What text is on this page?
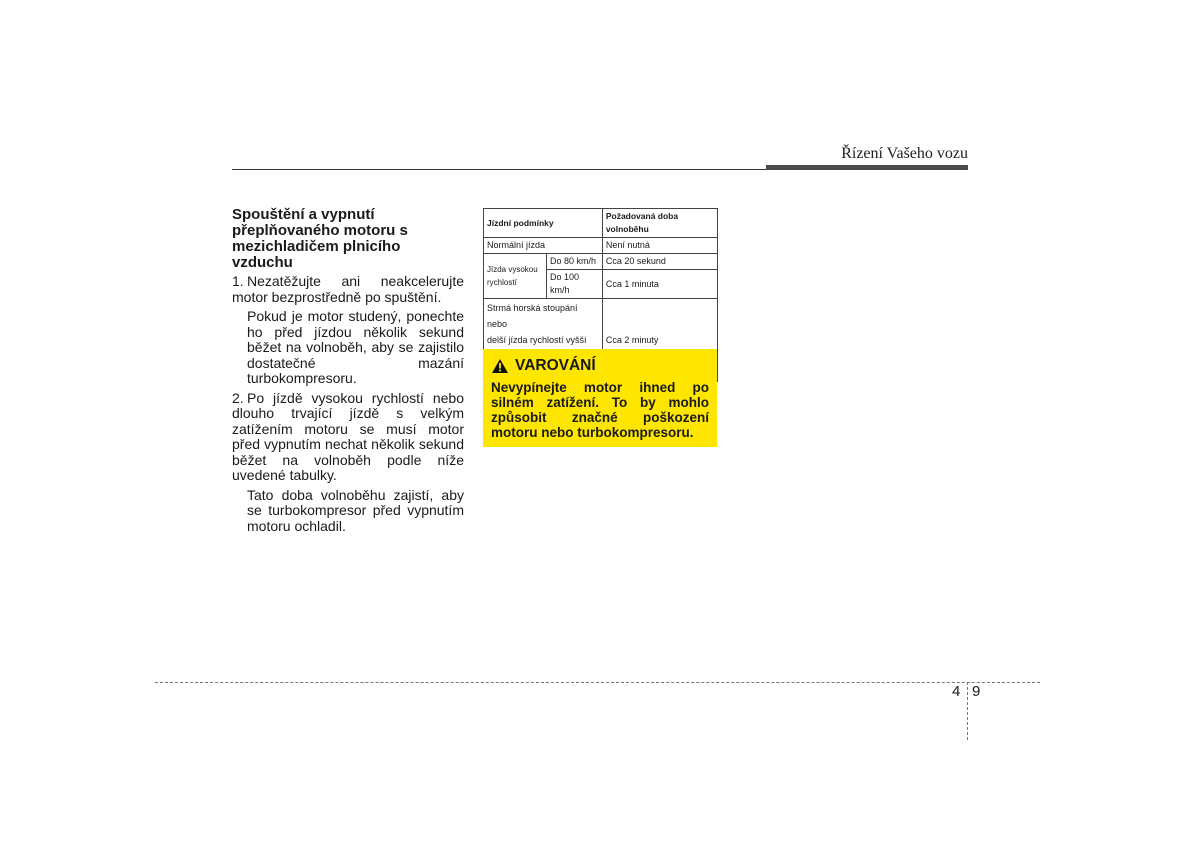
Řízení Vašeho vozu
Spouštění a vypnutí přeplňovaného motoru s mezichladičem plnicího vzduchu
1. Nezatěžujte ani neakcelerujte motor bezprostředně po spuštění.
Pokud je motor studený, ponechte ho před jízdou několik sekund běžet na volnoběh, aby se zajistilo dostatečné mazání turbokompresoru.
2. Po jízdě vysokou rychlostí nebo dlouho trvající jízdě s velkým zatížením motoru se musí motor před vypnutím nechat několik sekund běžet na volnoběh podle níže uvedené tabulky.
Tato doba volnoběhu zajistí, aby se turbokompresor před vypnutím motoru ochladil.
Jízdní podmínky		Požadovaná doba volnoběhu
Normální jízda		Není nutná

Jízda vysokou
rychlostí	Do 80 km/h	Cca 20 sekund
	Do 100 km/h	Cca 1 minuta

Strmá horská stoupání nebo
delší jízda rychlostí vyšší		Cca 2 minuty
VAROVÁNÍ
Nevypínejte motor ihned po silném zatížení. To by mohlo způsobit značné poškození motoru nebo turbokompresoru.
4 9
